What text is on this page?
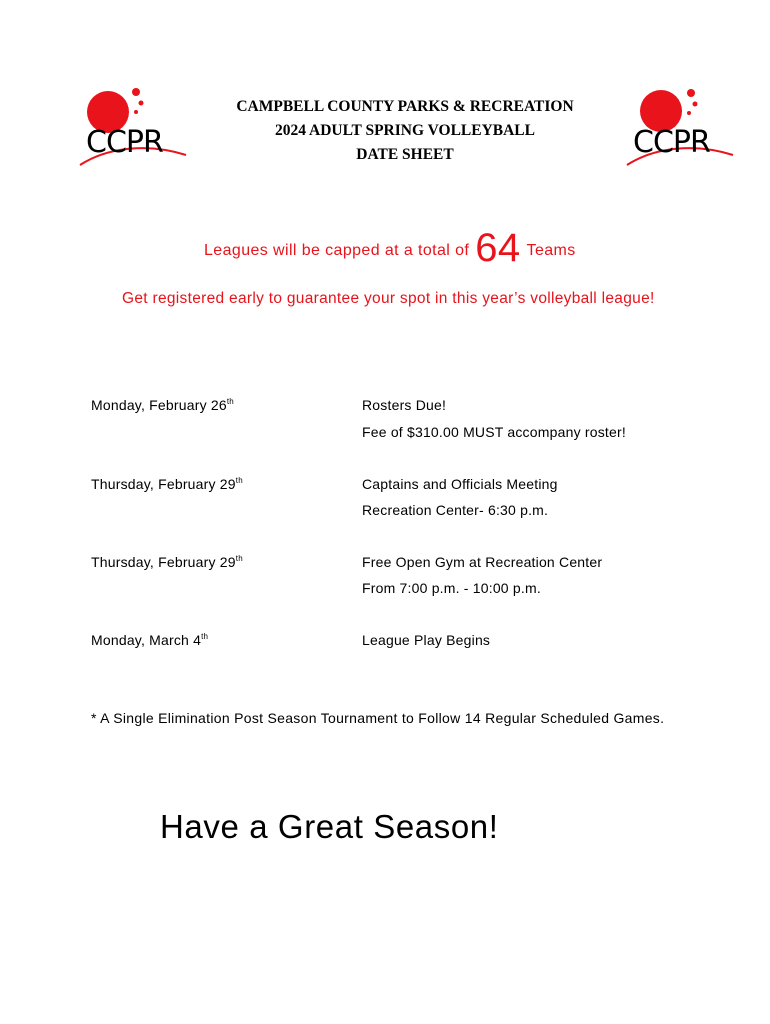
CCPR	CCPR
CAMPBELL COUNTY PARKS & RECREATION
2024 ADULT SPRING VOLLEYBALL
DATE SHEET
Leagues will be capped at a total of 64 Teams
Get registered early to guarantee your spot in this year’s volleyball league!
Monday, February 26th	Rosters Due!
Fee of $310.00 MUST accompany roster!
Thursday, February 29th	Captains and Officials Meeting
Recreation Center- 6:30 p.m.
Thursday, February 29th	Free Open Gym at Recreation Center
From 7:00 p.m. - 10:00 p.m.
Monday, March 4th	League Play Begins
* A Single Elimination Post Season Tournament to Follow 14 Regular Scheduled Games.
Have a Great Season!
